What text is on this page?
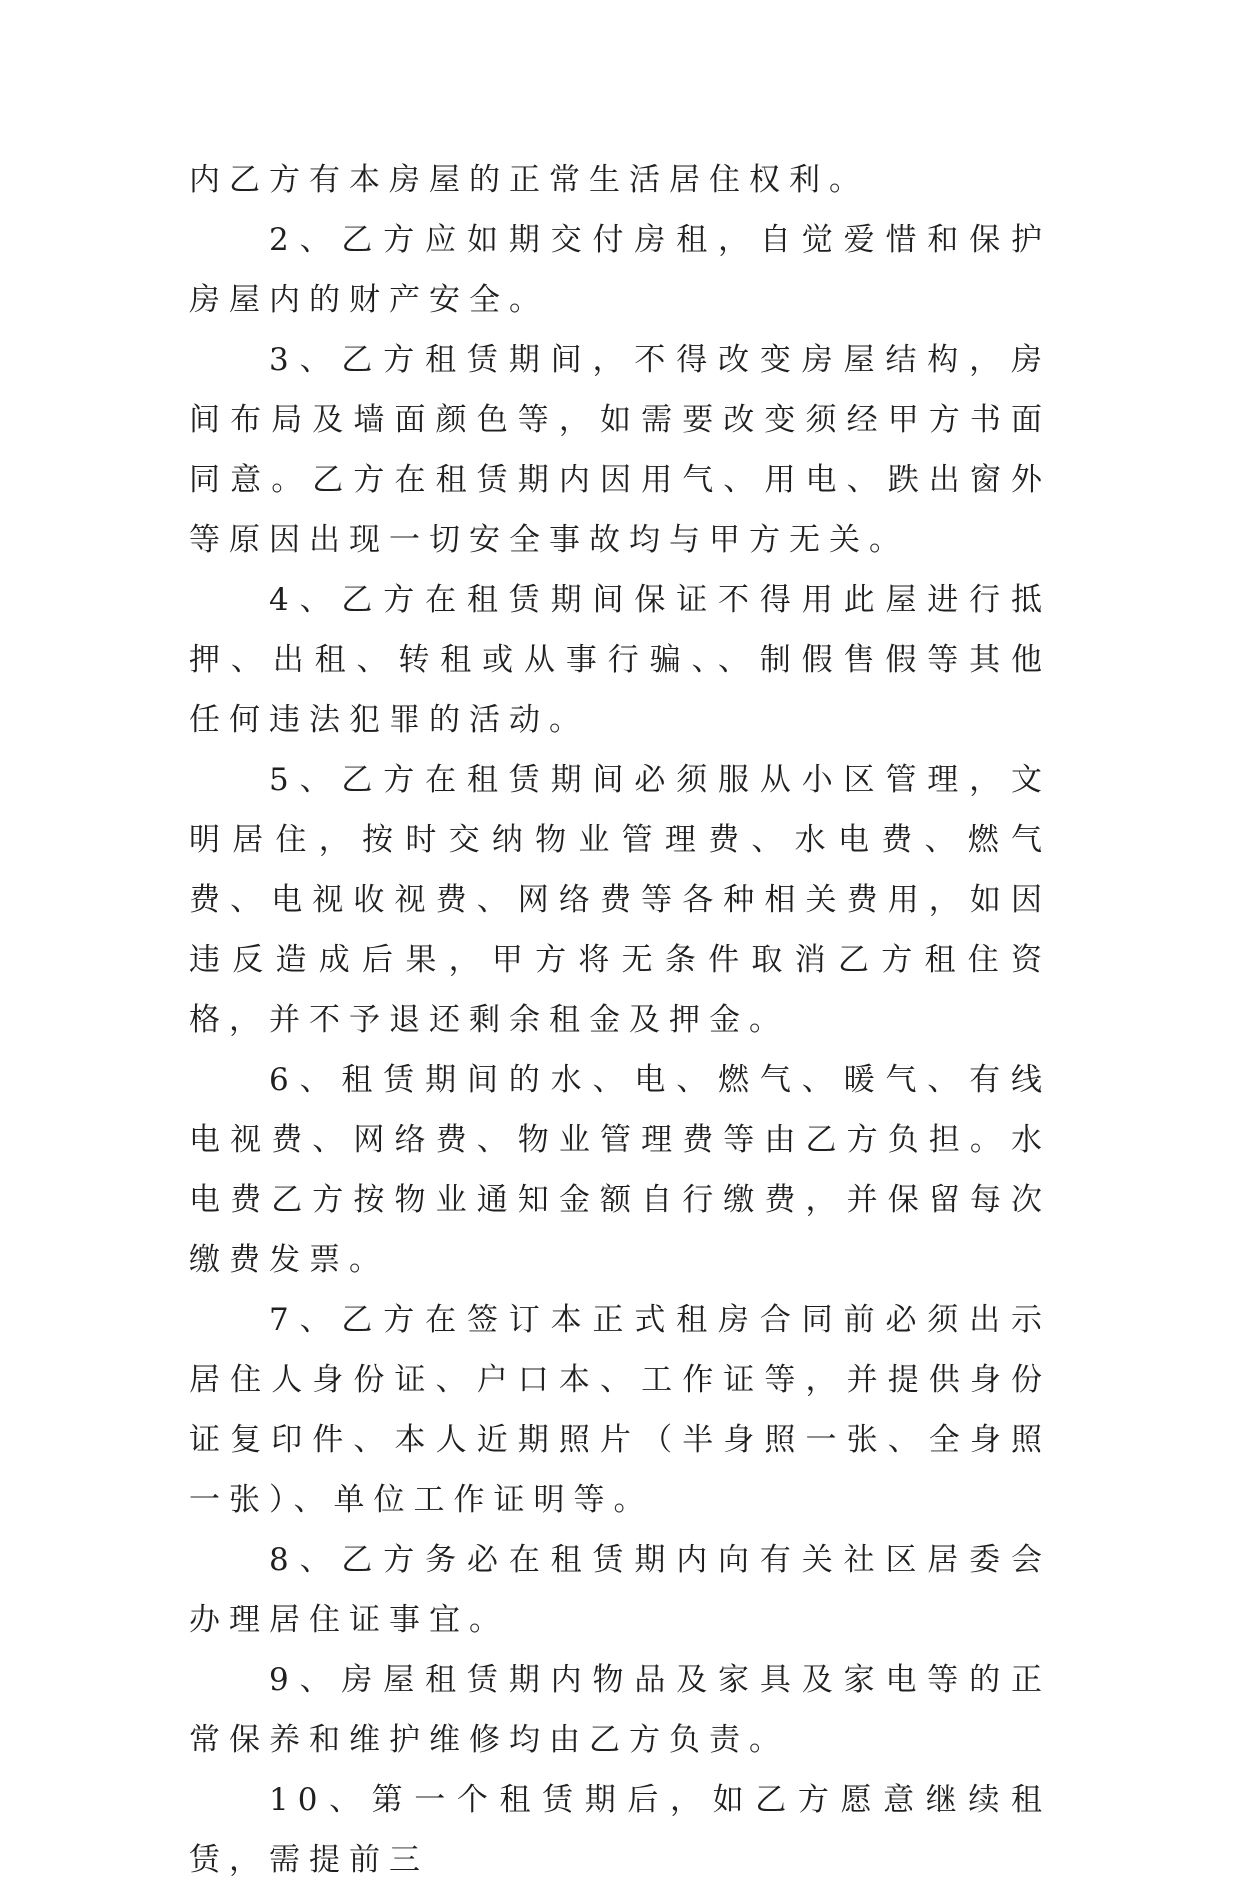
内乙方有本房屋的正常生活居住权利。

2、乙方应如期交付房租，自觉爱惜和保护房屋内的财产安全。

3、乙方租赁期间，不得改变房屋结构，房间布局及墙面颜色等，如需要改变须经甲方书面同意。乙方在租赁期内因用气、用电、跌出窗外等原因出现一切安全事故均与甲方无关。

4、乙方在租赁期间保证不得用此屋进行抵押、出租、转租或从事行骗、、制假售假等其他任何违法犯罪的活动。

5、乙方在租赁期间必须服从小区管理，文明居住，按时交纳物业管理费、水电费、燃气费、电视收视费、网络费等各种相关费用，如因违反造成后果，甲方将无条件取消乙方租住资格，并不予退还剩余租金及押金。

6、租赁期间的水、电、燃气、暖气、有线电视费、网络费、物业管理费等由乙方负担。水电费乙方按物业通知金额自行缴费，并保留每次缴费发票。

7、乙方在签订本正式租房合同前必须出示居住人身份证、户口本、工作证等，并提供身份证复印件、本人近期照片（半身照一张、全身照一张）、单位工作证明等。

8、乙方务必在租赁期内向有关社区居委会办理居住证事宜。

9、房屋租赁期内物品及家具及家电等的正常保养和维护维修均由乙方负责。

10、第一个租赁期后，如乙方愿意继续租赁，需提前三
